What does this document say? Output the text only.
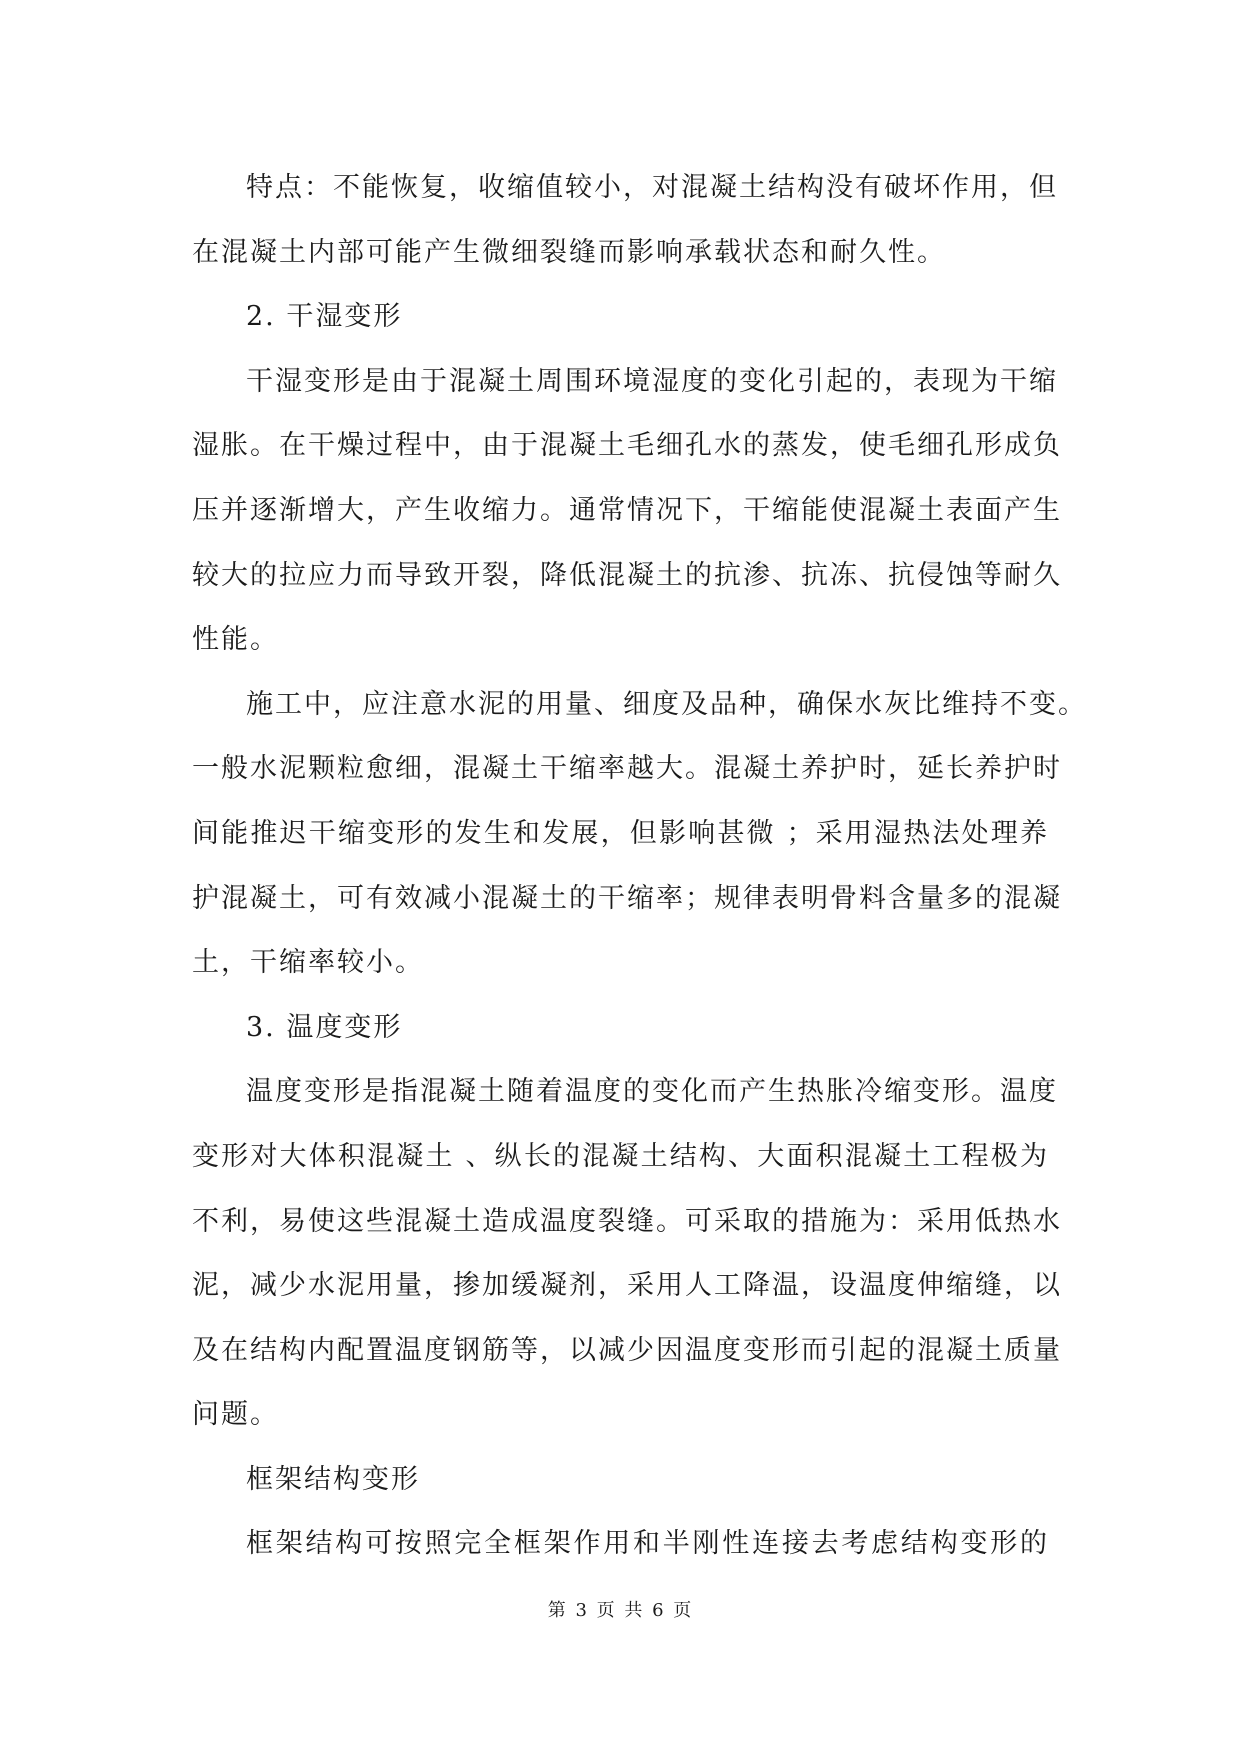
特点：不能恢复，收缩值较小，对混凝土结构没有破坏作用，但
在混凝土内部可能产生微细裂缝而影响承载状态和耐久性。
2. 干湿变形
干湿变形是由于混凝土周围环境湿度的变化引起的，表现为干缩
湿胀。在干燥过程中，由于混凝土毛细孔水的蒸发，使毛细孔形成负
压并逐渐增大，产生收缩力。通常情况下，干缩能使混凝土表面产生
较大的拉应力而导致开裂，降低混凝土的抗渗、抗冻、抗侵蚀等耐久
性能。
施工中，应注意水泥的用量、细度及品种，确保水灰比维持不变。
一般水泥颗粒愈细，混凝土干缩率越大。混凝土养护时，延长养护时
间能推迟干缩变形的发生和发展，但影响甚微 ；采用湿热法处理养
护混凝土，可有效减小混凝土的干缩率；规律表明骨料含量多的混凝
土，干缩率较小。
3. 温度变形
温度变形是指混凝土随着温度的变化而产生热胀冷缩变形。温度
变形对大体积混凝土 、纵长的混凝土结构、大面积混凝土工程极为
不利，易使这些混凝土造成温度裂缝。可采取的措施为：采用低热水
泥，减少水泥用量，掺加缓凝剂，采用人工降温，设温度伸缩缝，以
及在结构内配置温度钢筋等，以减少因温度变形而引起的混凝土质量
问题。
框架结构变形
框架结构可按照完全框架作用和半刚性连接去考虑结构变形的
第 3 页 共 6 页
